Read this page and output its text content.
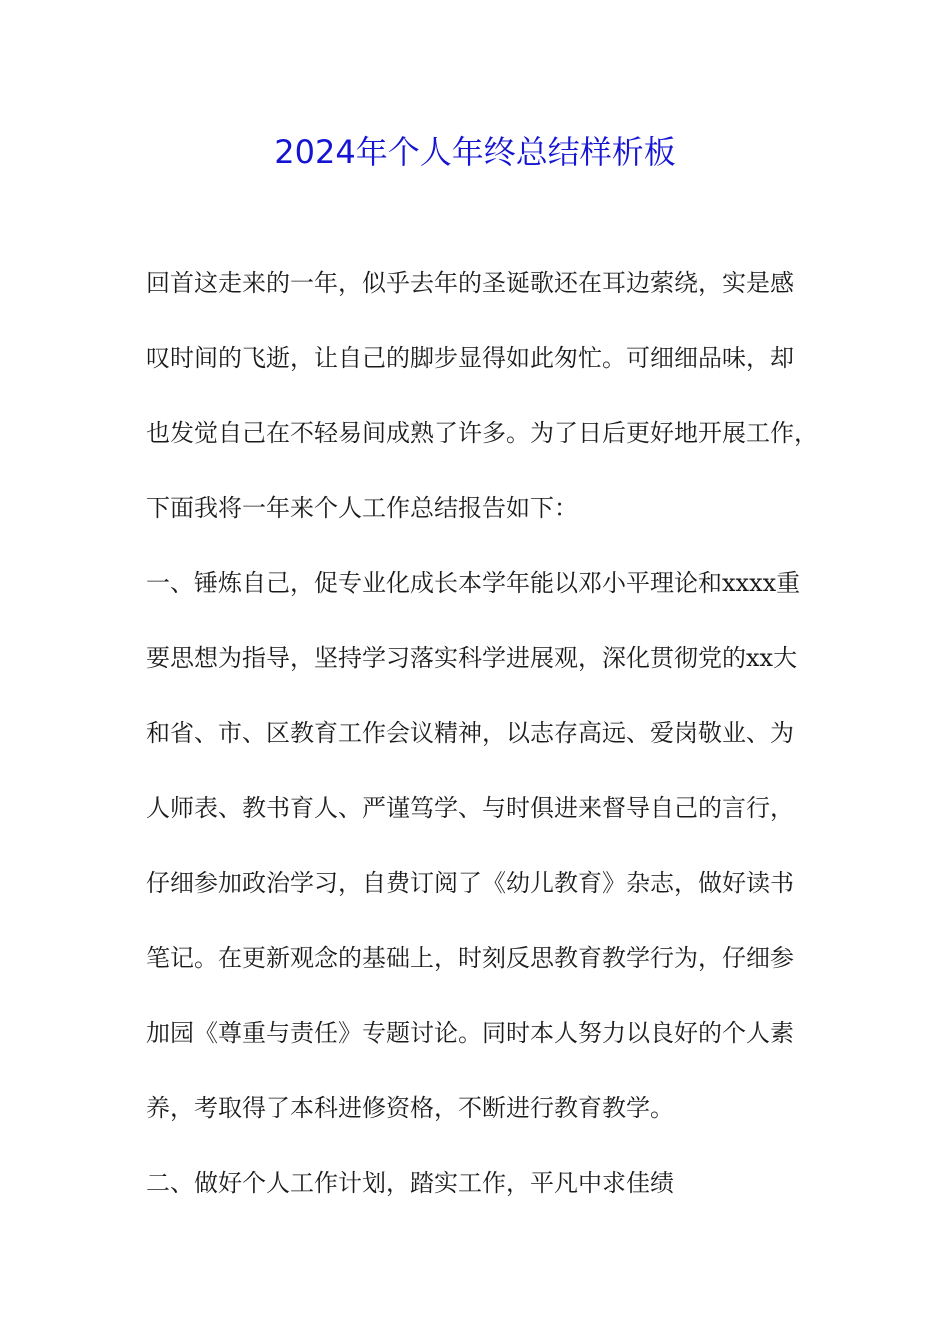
2024年个人年终总结样析板
回首这走来的一年，似乎去年的圣诞歌还在耳边萦绕，实是感
叹时间的飞逝，让自己的脚步显得如此匆忙。可细细品味，却
也发觉自己在不轻易间成熟了许多。为了日后更好地开展工作，
下面我将一年来个人工作总结报告如下：
一、锤炼自己，促专业化成长本学年能以邓小平理论和xxxx重
要思想为指导，坚持学习落实科学进展观，深化贯彻党的xx大
和省、市、区教育工作会议精神，以志存高远、爱岗敬业、为
人师表、教书育人、严谨笃学、与时俱进来督导自己的言行，
仔细参加政治学习，自费订阅了《幼儿教育》杂志，做好读书
笔记。在更新观念的基础上，时刻反思教育教学行为，仔细参
加园《尊重与责任》专题讨论。同时本人努力以良好的个人素
养，考取得了本科进修资格，不断进行教育教学。
二、做好个人工作计划，踏实工作，平凡中求佳绩
